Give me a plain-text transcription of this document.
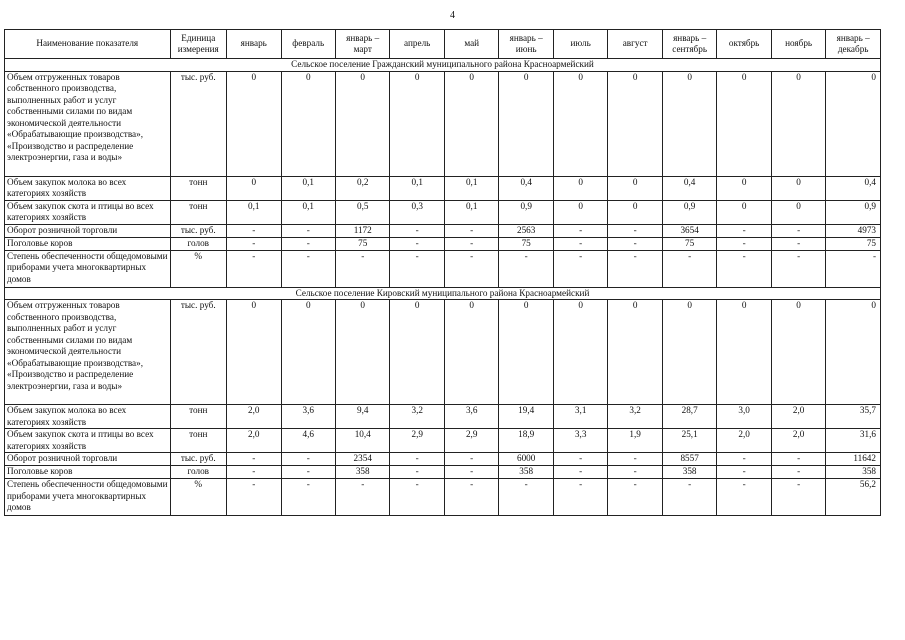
4
Наименование показателя	Единица измерения	январь	февраль	январь – март	апрель	май	январь – июнь	июль	август	январь – сентябрь	октябрь	ноябрь	январь – декабрь
Сельское поселение Гражданский муниципального района Красноармейский													
Объем отгруженных товаров собственного производства, выполненных работ и услуг собственными силами по видам экономической деятельности «Обрабатывающие производства», «Производство и распределение электроэнергии, газа и воды»	тыс. руб.	0	0	0	0	0	0	0	0	0	0	0	0
Объем закупок молока во всех категориях хозяйств	тонн	0	0,1	0,2	0,1	0,1	0,4	0	0	0,4	0	0	0,4
Объем закупок скота и птицы во всех категориях хозяйств	тонн	0,1	0,1	0,5	0,3	0,1	0,9	0	0	0,9	0	0	0,9
Оборот розничной торговли	тыс. руб.	-	-	1172	-	-	2563	-	-	3654	-	-	4973
Поголовье коров	голов	-	-	75	-	-	75	-	-	75	-	-	75
Степень обеспеченности общедомовыми приборами учета многоквартирных домов	%	-	-	-	-	-	-	-	-	-	-	-	-
Сельское поселение Кировский муниципального района Красноармейский													
Объем отгруженных товаров собственного производства, выполненных работ и услуг собственными силами по видам экономической деятельности «Обрабатывающие производства», «Производство и распределение электроэнергии, газа и воды»	тыс. руб.	0	0	0	0	0	0	0	0	0	0	0	0
Объем закупок молока во всех категориях хозяйств	тонн	2,0	3,6	9,4	3,2	3,6	19,4	3,1	3,2	28,7	3,0	2,0	35,7
Объем закупок скота и птицы во всех категориях хозяйств	тонн	2,0	4,6	10,4	2,9	2,9	18,9	3,3	1,9	25,1	2,0	2,0	31,6
Оборот розничной торговли	тыс. руб.	-	-	2354	-	-	6000	-	-	8557	-	-	11642
Поголовье коров	голов	-	-	358	-	-	358	-	-	358	-	-	358
Степень обеспеченности общедомовыми приборами учета многоквартирных домов	%	-	-	-	-	-	-	-	-	-	-	-	56,2
